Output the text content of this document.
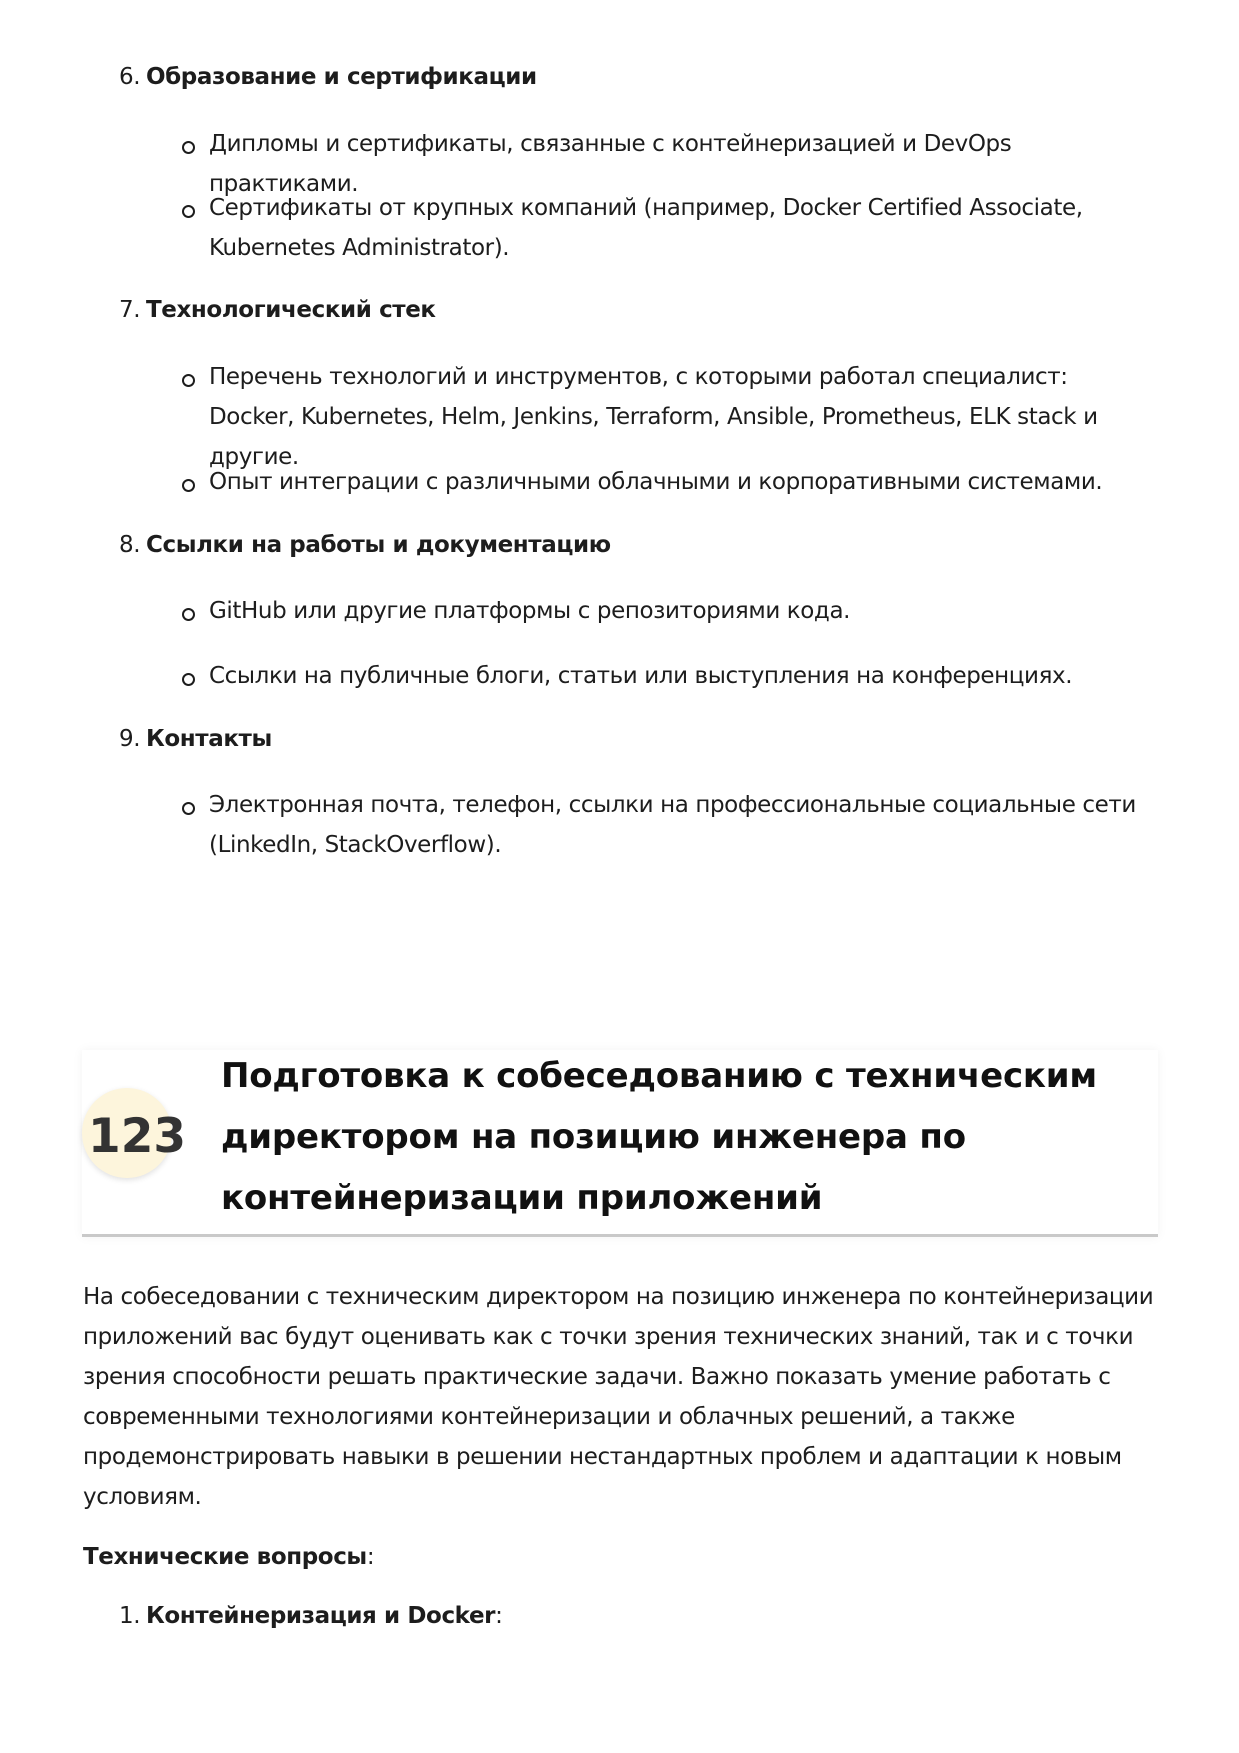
6. Образование и сертификации
Дипломы и сертификаты, связанные с контейнеризацией и DevOps практиками.
Сертификаты от крупных компаний (например, Docker Certified Associate, Kubernetes Administrator).
7. Технологический стек
Перечень технологий и инструментов, с которыми работал специалист: Docker, Kubernetes, Helm, Jenkins, Terraform, Ansible, Prometheus, ELK stack и другие.
Опыт интеграции с различными облачными и корпоративными системами.
8. Ссылки на работы и документацию
GitHub или другие платформы с репозиториями кода.
Ссылки на публичные блоги, статьи или выступления на конференциях.
9. Контакты
Электронная почта, телефон, ссылки на профессиональные социальные сети (LinkedIn, StackOverflow).
123
Подготовка к собеседованию с техническим директором на позицию инженера по контейнеризации приложений
На собеседовании с техническим директором на позицию инженера по контейнеризации приложений вас будут оценивать как с точки зрения технических знаний, так и с точки зрения способности решать практические задачи. Важно показать умение работать с современными технологиями контейнеризации и облачных решений, а также продемонстрировать навыки в решении нестандартных проблем и адаптации к новым условиям.
Технические вопросы:
1. Контейнеризация и Docker:
